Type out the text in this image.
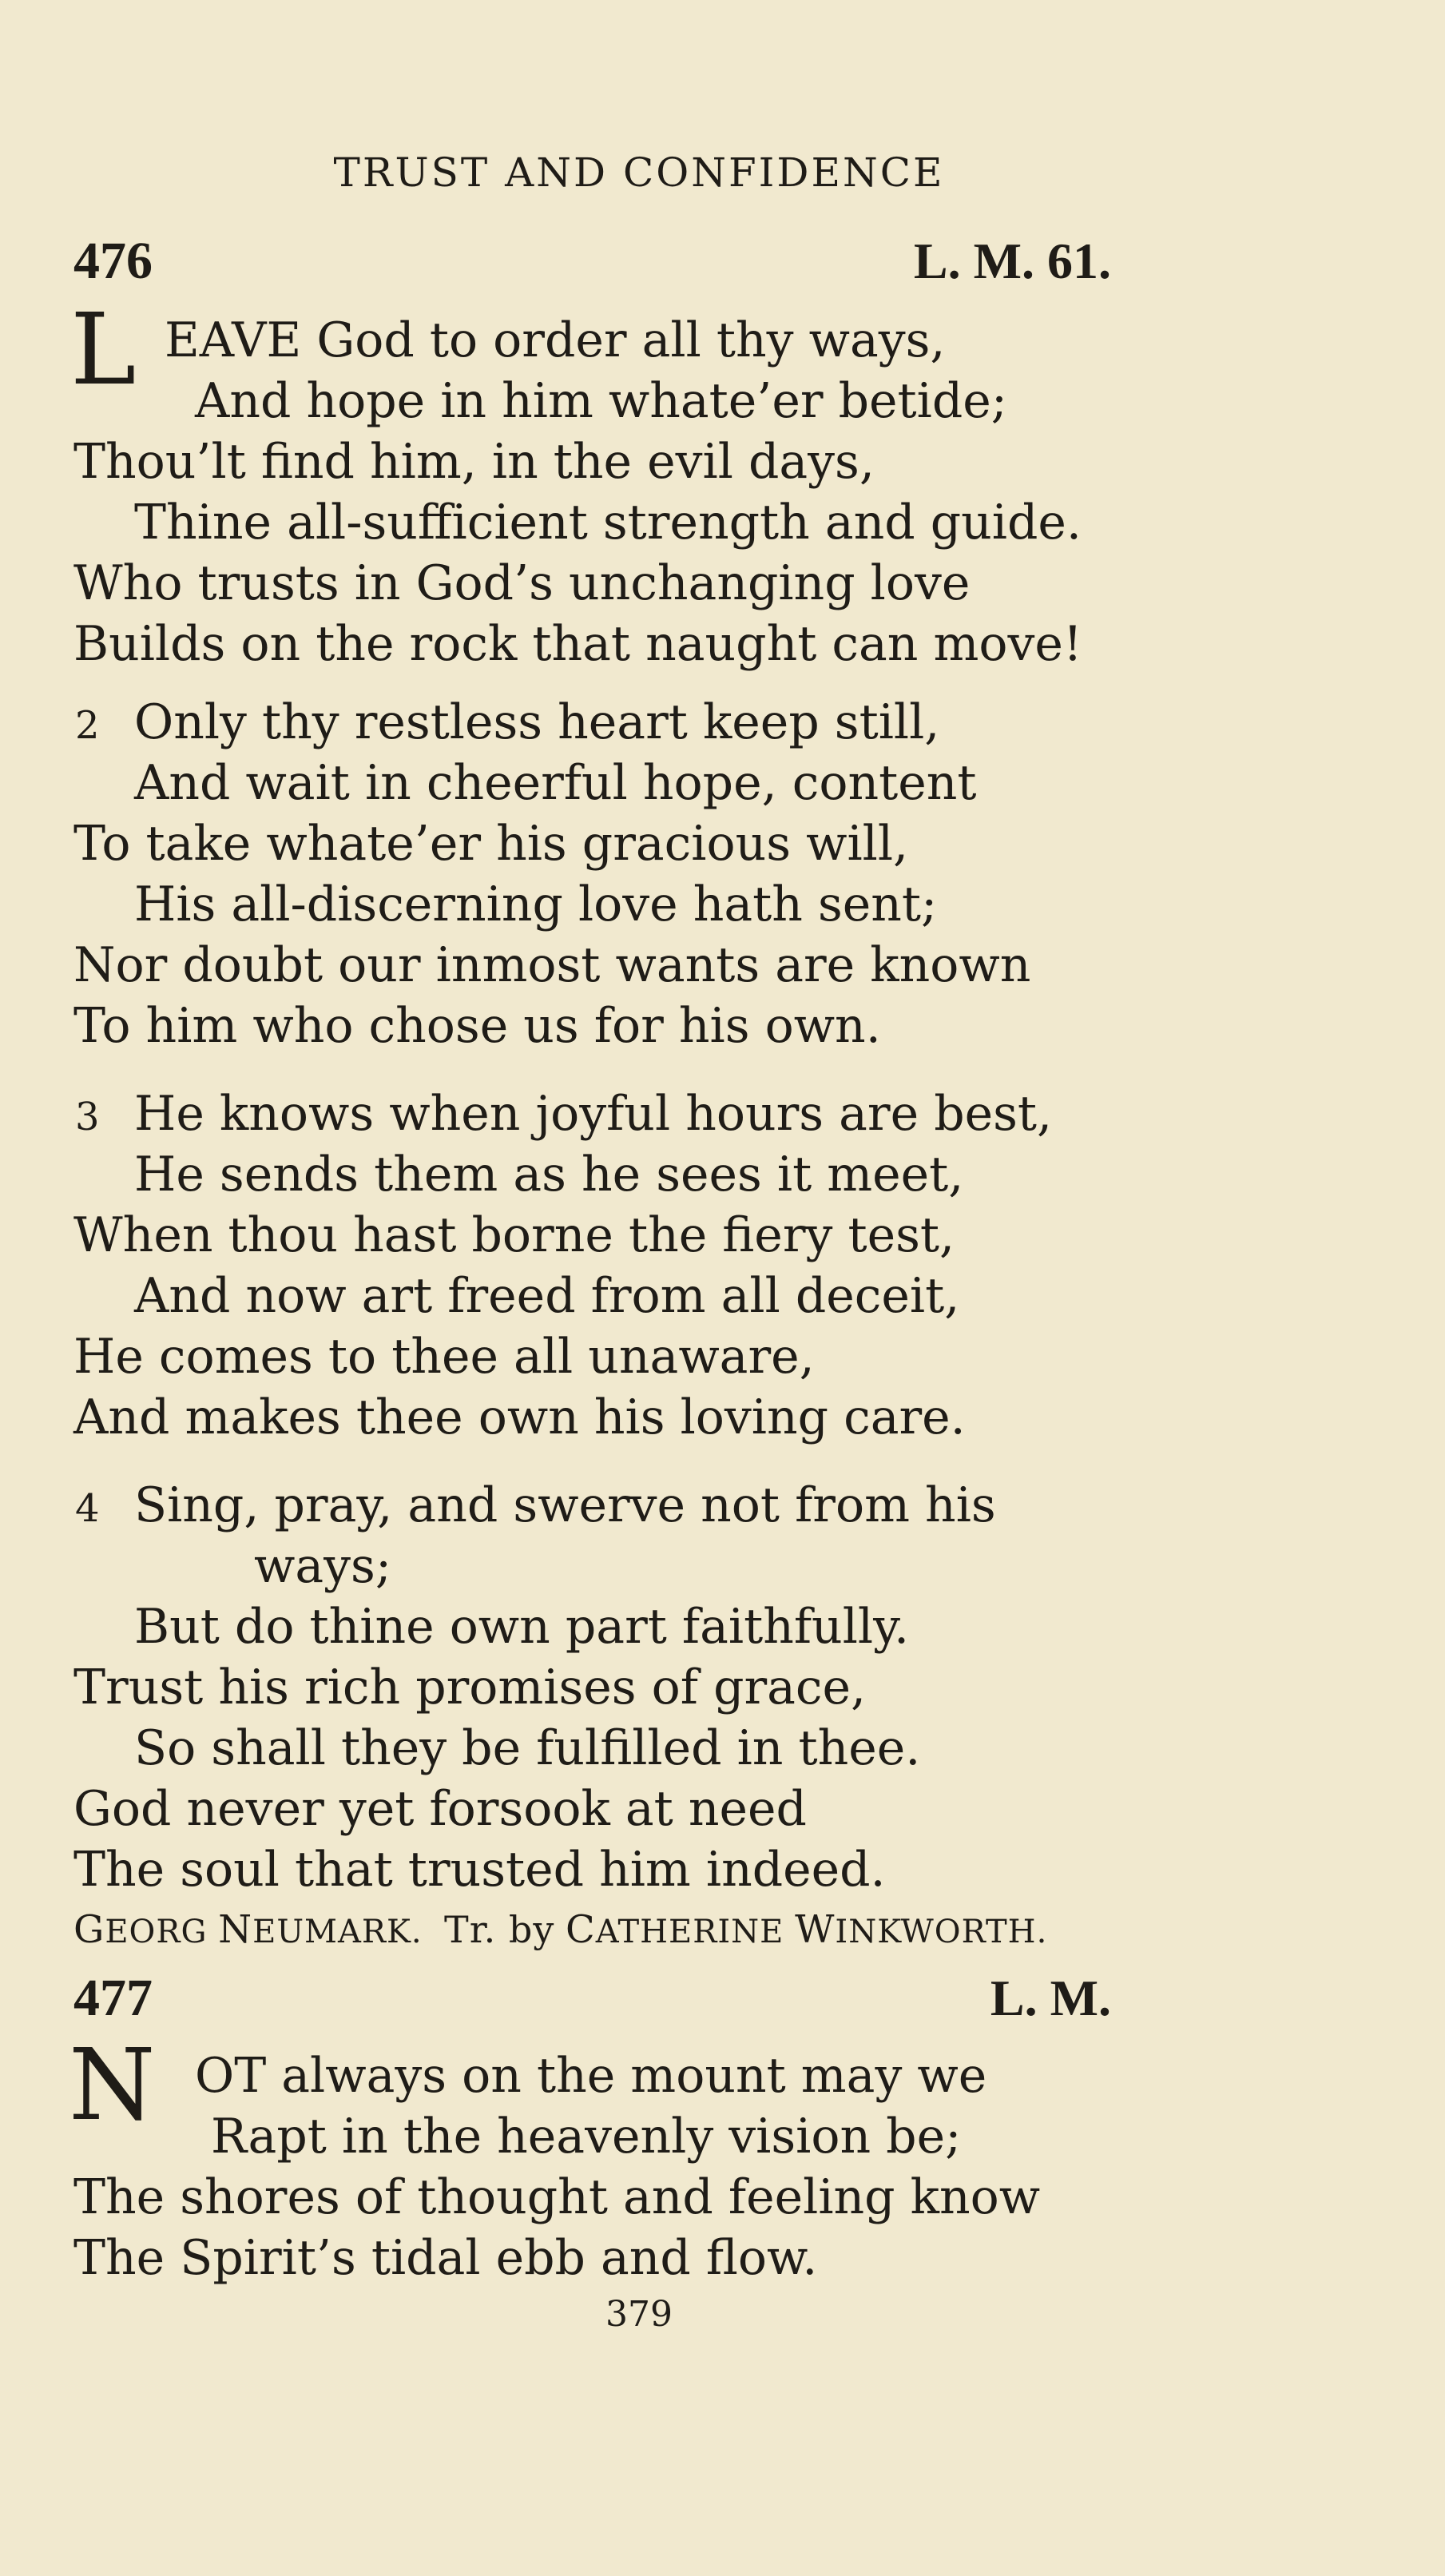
TRUST AND CONFIDENCE
476	L. M. 61.
L EAVE God to order all thy ways,
And hope in him whate’er betide;
Thou’lt find him, in the evil days,
Thine all-sufficient strength and guide.
Who trusts in God’s unchanging love
Builds on the rock that naught can move!
2 Only thy restless heart keep still,
And wait in cheerful hope, content
To take whate’er his gracious will,
His all-discerning love hath sent;
Nor doubt our inmost wants are known
To him who chose us for his own.
3 He knows when joyful hours are best,
He sends them as he sees it meet,
When thou hast borne the fiery test,
And now art freed from all deceit,
He comes to thee all unaware,
And makes thee own his loving care.
4 Sing, pray, and swerve not from his
ways;
But do thine own part faithfully.
Trust his rich promises of grace,
So shall they be fulfilled in thee.
God never yet forsook at need
The soul that trusted him indeed.
GEORG NEUMARK. Tr. by CATHERINE WINKWORTH.
477	L. M.
N OT always on the mount may we
Rapt in the heavenly vision be;
The shores of thought and feeling know
The Spirit’s tidal ebb and flow.
379
